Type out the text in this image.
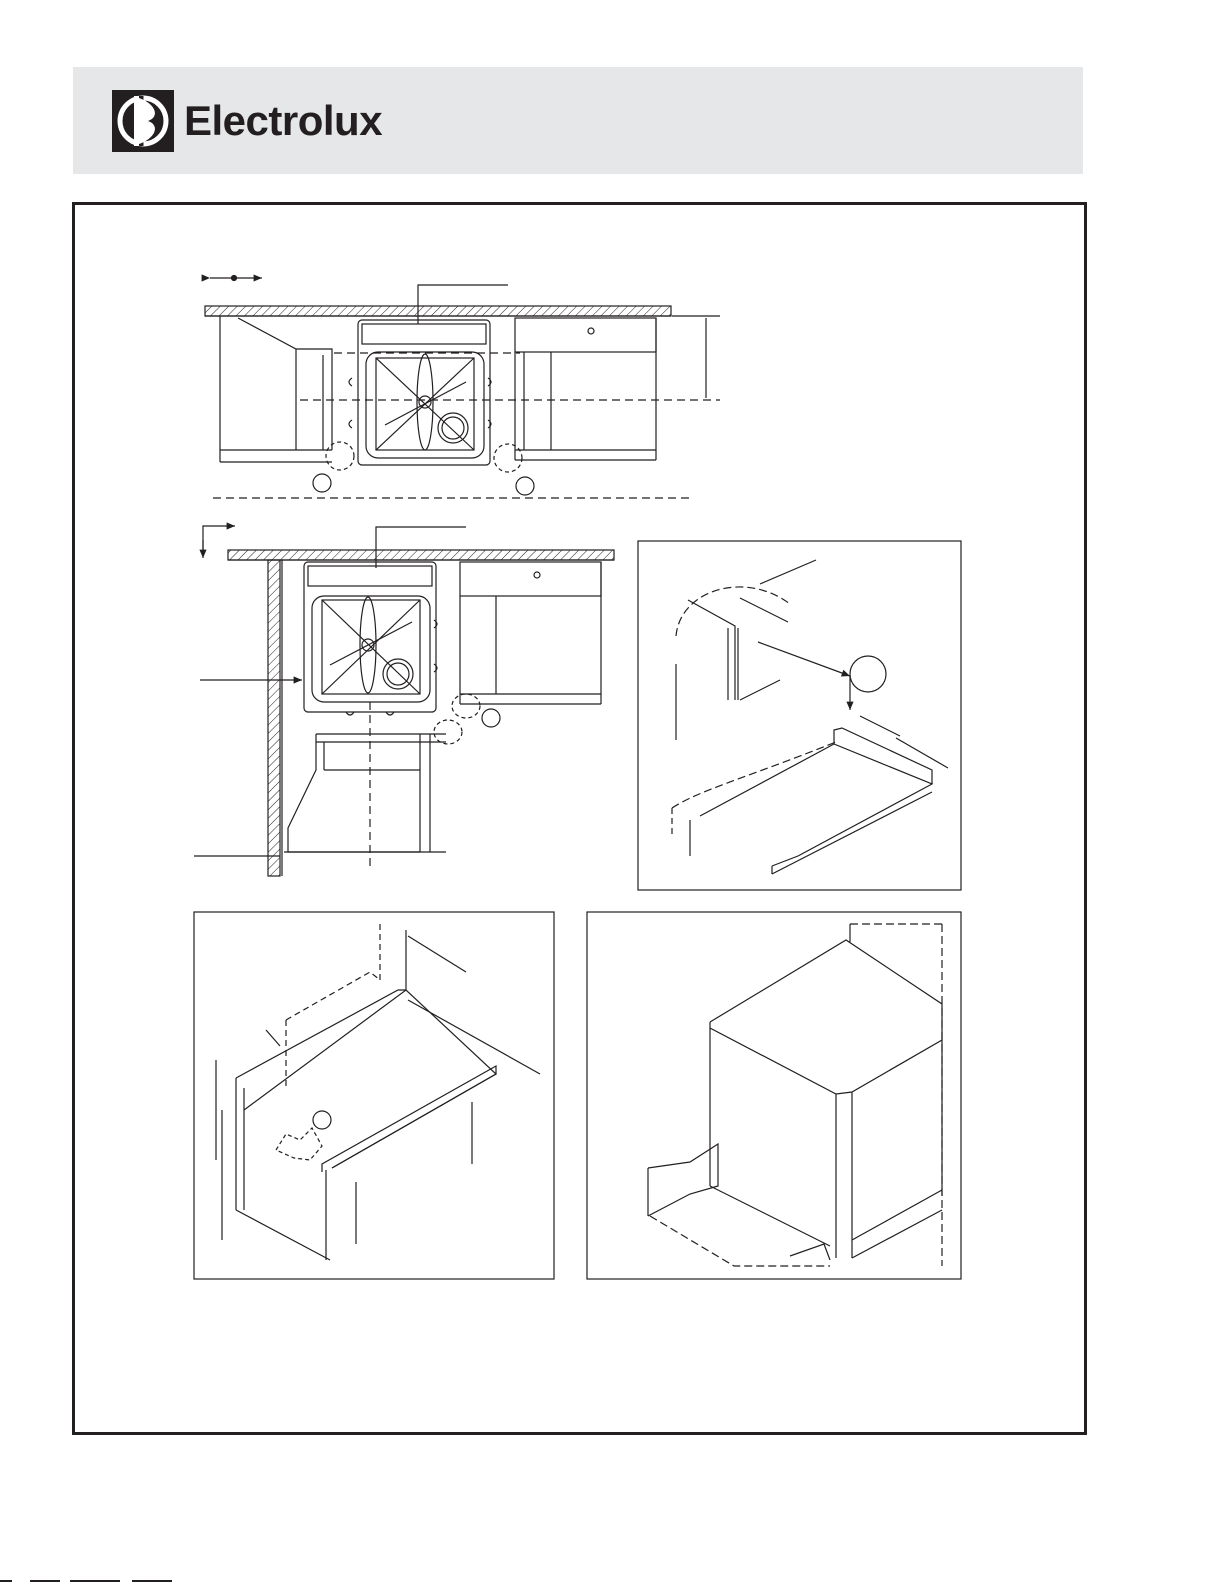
Electrolux
